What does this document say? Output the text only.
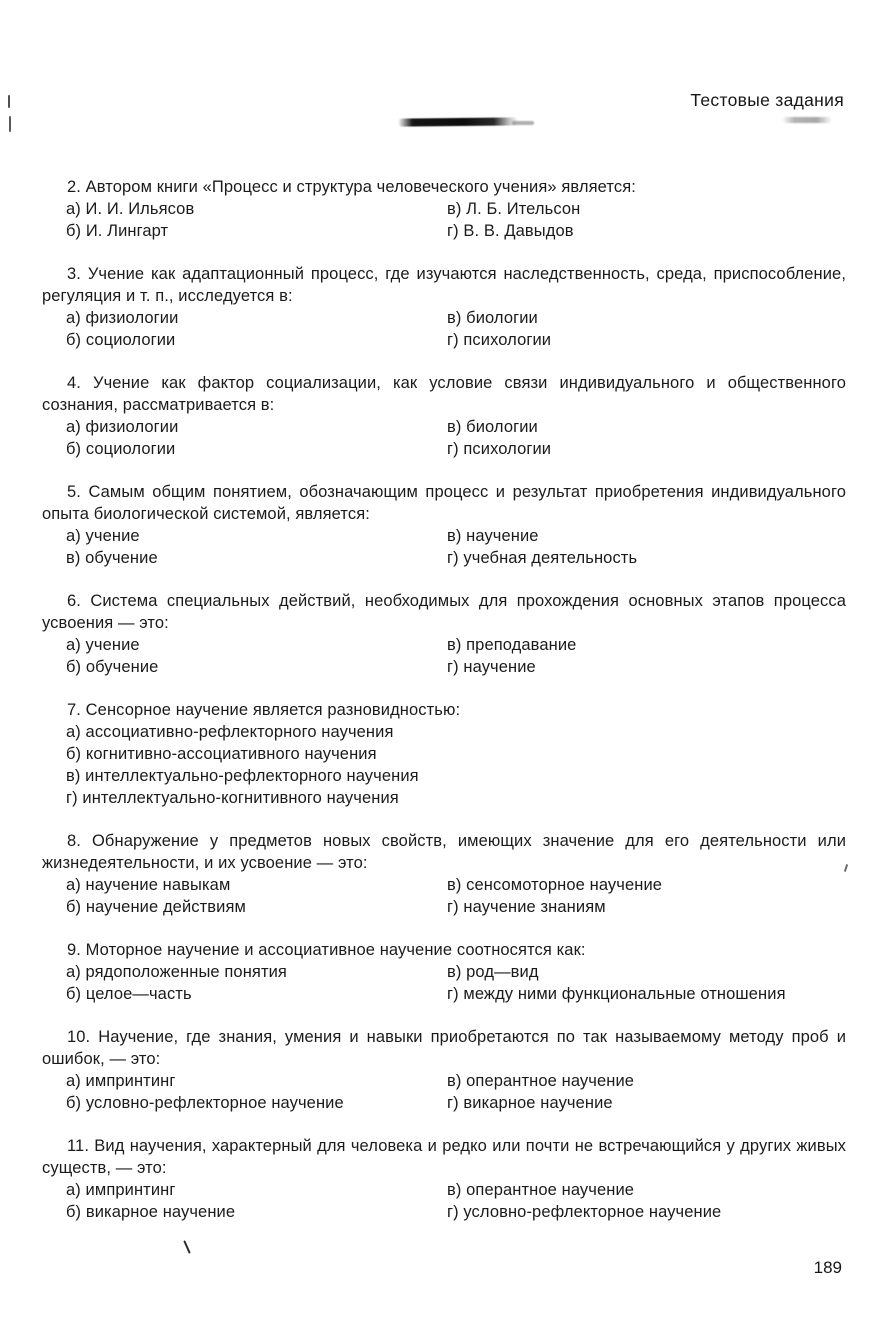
Тестовые задания

2. Автором книги «Процесс и структура человеческого учения» является:

а) И. И. Ильясов

б) И. Лингарт

в) Л. Б. Ительсон

г) В. В. Давыдов

3. Учение как адаптационный процесс, где изучаются наследственность, среда, приспособление, регуляция и т. п., исследуется в:

а) физиологии

б) социологии

в) биологии

г) психологии

4. Учение как фактор социализации, как условие связи индивидуального и общественного сознания, рассматривается в:

а) физиологии

б) социологии

в) биологии

г) психологии

5. Самым общим понятием, обозначающим процесс и результат приобретения индивидуального опыта биологической системой, является:

а) учение

в) обучение

в) научение

г) учебная деятельность

6. Система специальных действий, необходимых для прохождения основных этапов процесса усвоения — это:

а) учение

б) обучение

в) преподавание

г) научение

7. Сенсорное научение является разновидностью:

а) ассоциативно-рефлекторного научения

б) когнитивно-ассоциативного научения

в) интеллектуально-рефлекторного научения

г) интеллектуально-когнитивного научения

8. Обнаружение у предметов новых свойств, имеющих значение для его деятельности или жизнедеятельности, и их усвоение — это:

а) научение навыкам

б) научение действиям

в) сенсомоторное научение

г) научение знаниям

9. Моторное научение и ассоциативное научение соотносятся как:

а) рядоположенные понятия

б) целое—часть

в) род—вид

г) между ними функциональные отношения

10. Научение, где знания, умения и навыки приобретаются по так называемому методу проб и ошибок, — это:

а) импринтинг

б) условно-рефлекторное научение

в) оперантное научение

г) викарное научение

11. Вид научения, характерный для человека и редко или почти не встречающийся у других живых существ, — это:

а) импринтинг

б) викарное научение

в) оперантное научение

г) условно-рефлекторное научение

189
